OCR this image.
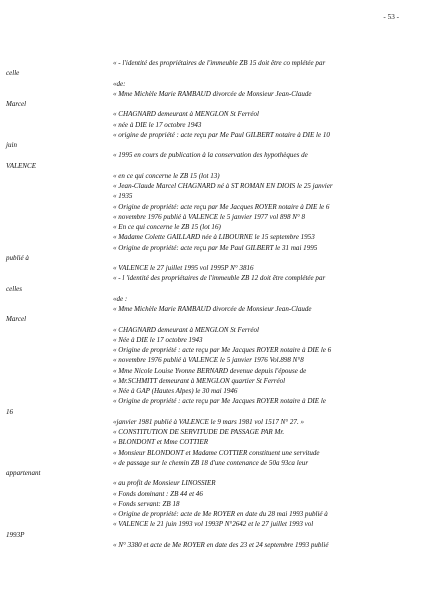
- 53 -
« - l'identité des propriétaires de l'immeuble ZB 15 doit être co mplétée par
celle
«de:
« Mme Michèle Marie RAMBAUD divorcée de Monsieur Jean-Claude
Marcel
« CHAGNARD demeurant à MENGLON St Ferréol
« née à DIE le 17 octobre 1943
« origine de propriété : acte reçu par Me Paul GILBERT notaire à DIE le 10
juin
« 1995 en cours de publication à la conservation des hypothèques de
VALENCE
« en ce qui concerne le ZB 15 (lot 13)
« Jean-Claude Marcel CHAGNARD né à ST ROMAN EN DIOIS le 25 janvier
« 1935
« Origine de propriété: acte reçu par Me Jacques ROYER notaire à DIE le 6
« novembre 1976 publié à VALENCE le 5 janvier 1977 vol 898 N° 8
« En ce qui concerne le ZB 15 (lot 16)
« Madame Colette GAILLARD née à LIBOURNE le 15 septembre 1953
« Origine de propriété: acte reçu par Me Paul GILBERT le 31 mai 1995
publié à
« VALENCE le 27 juillet 1995 vol 1995P N° 3816
« - l 'identité des propriétaires de l'immeuble ZB 12 doit être complétée par
celles
«de :
« Mme Michèle Marie RAMBAUD divorcée de Monsieur Jean-Claude
Marcel
« CHAGNARD demeurant à MENGLON St Ferréol
« Née à DIE le 17 octobre 1943
« Origine de propriété : acte reçu par Me Jacques ROYER notaire à DIE le 6
« novembre 1976 publié à VALENCE le 5 janvier 1976 Vol.898 N°8
« Mme Nicole Louise Yvonne BERNARD devenue depuis l'épouse de
« Mr.SCHMITT demeurant à MENGLON quartier St Ferréol
« Née à GAP (Hautes Alpes) le 30 mai 1946
« Origine de propriété : acte reçu par Me Jacques ROYER notaire à DIE le
16
«janvier 1981 publié à VALENCE le 9 mars 1981 vol 1517 N° 27. »
« CONSTITUTION DE SERVITUDE DE PASSAGE PAR Mr.
« BLONDONT et Mme COTTIER
« Monsieur BLONDONT et Madame COTTIER constituent une servitude
« de passage sur le chemin ZB 18 d'une contenance de 50a 93ca leur
appartenant
« au profit de Monsieur LINOSSIER
« Fonds dominant : ZB 44 et 46
« Fonds servant: ZB 18
« Origine de propriété: acte de Me ROYER en date du 28 mai 1993 publié à
« VALENCE le 21 juin 1993 vol 1993P N°2642 et le 27 juillet 1993 vol
1993P
« N° 3380 et acte de Me ROYER en date des 23 et 24 septembre 1993 publié
